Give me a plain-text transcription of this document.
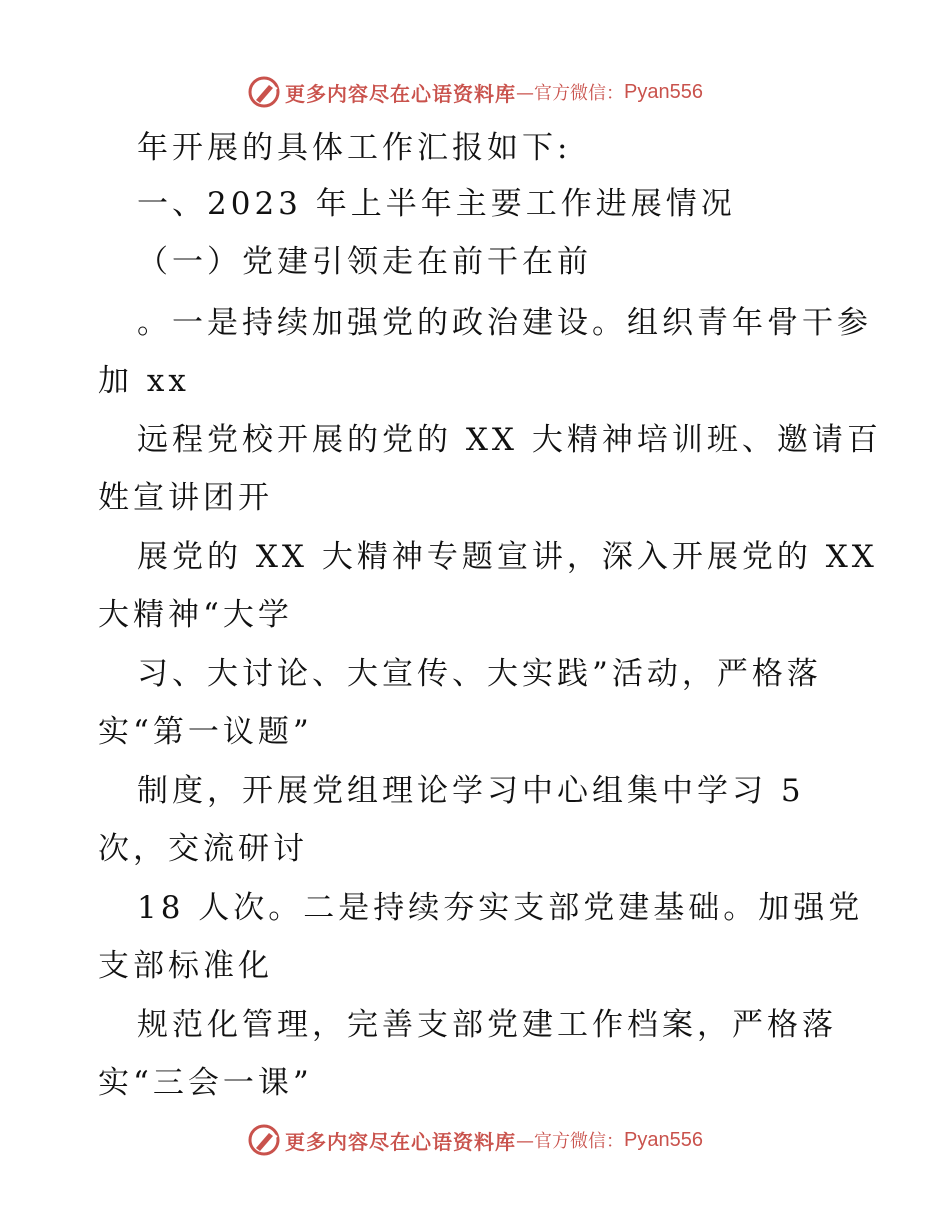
更多内容尽在心语资料库 —官方微信： Pyan556
年开展的具体工作汇报如下:
一、2023 年上半年主要工作进展情况
（一）党建引领走在前干在前
。一是持续加强党的政治建设。组织青年骨干参
加 xx
远程党校开展的党的 XX 大精神培训班、邀请百
姓宣讲团开
展党的 XX 大精神专题宣讲，深入开展党的 XX
大精神“大学
习、大讨论、大宣传、大实践”活动，严格落
实“第一议题”
制度，开展党组理论学习中心组集中学习 5
次，交流研讨
18 人次。二是持续夯实支部党建基础。加强党
支部标准化
规范化管理，完善支部党建工作档案，严格落
实“三会一课”
更多内容尽在心语资料库 —官方微信： Pyan556
